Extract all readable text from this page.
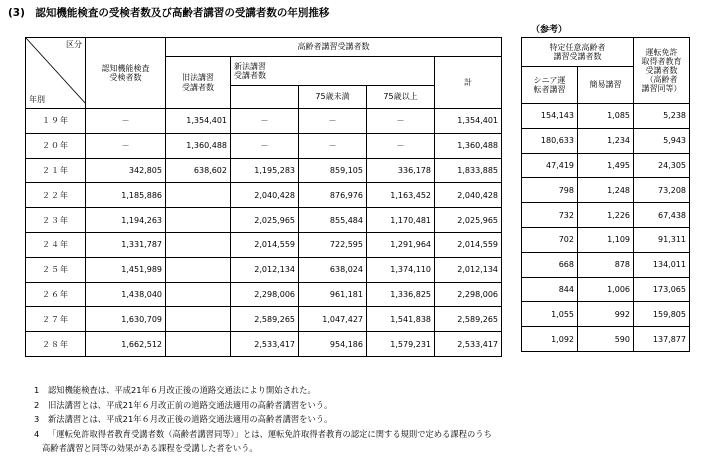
(3)　認知機能検査の受検者数及び高齢者講習の受講者数の年別推移
（参考）
区分
年別	認知機能検査
受検者数	高齢者講習受講者数				
		旧法講習
受講者数	新法講習
受講者数			計
				75歳未満	75歳以上	
１９年	－	1,354,401	－	－	－	1,354,401
２０年	－	1,360,488	－	－	－	1,360,488
２１年	342,805	638,602	1,195,283	859,105	336,178	1,833,885
２２年	1,185,886		2,040,428	876,976	1,163,452	2,040,428
２３年	1,194,263		2,025,965	855,484	1,170,481	2,025,965
２４年	1,331,787		2,014,559	722,595	1,291,964	2,014,559
２５年	1,451,989		2,012,134	638,024	1,374,110	2,012,134
２６年	1,438,040		2,298,006	961,181	1,336,825	2,298,006
２７年	1,630,709		2,589,265	1,047,427	1,541,838	2,589,265
２８年	1,662,512		2,533,417	954,186	1,579,231	2,533,417
特定任意高齢者
講習受講者数		運転免許
取得者教育
受講者数
（高齢者
講習同等）
シニア運
転者講習	簡易講習	
154,143	1,085	5,238
180,633	1,234	5,943
47,419	1,495	24,305
798	1,248	73,208
732	1,226	67,438
702	1,109	91,311
668	878	134,011
844	1,006	173,065
1,055	992	159,805
1,092	590	137,877
1 認知機能検査は、平成21年６月改正後の道路交通法により開始された。
2 旧法講習とは、平成21年６月改正前の道路交通法適用の高齢者講習をいう。
3 新法講習とは、平成21年６月改正後の道路交通法適用の高齢者講習をいう。
4 「運転免許取得者教育受講者数（高齢者講習同等）」とは、運転免許取得者教育の認定に関する規則で定める課程のうち
高齢者講習と同等の効果がある課程を受講した者をいう。
